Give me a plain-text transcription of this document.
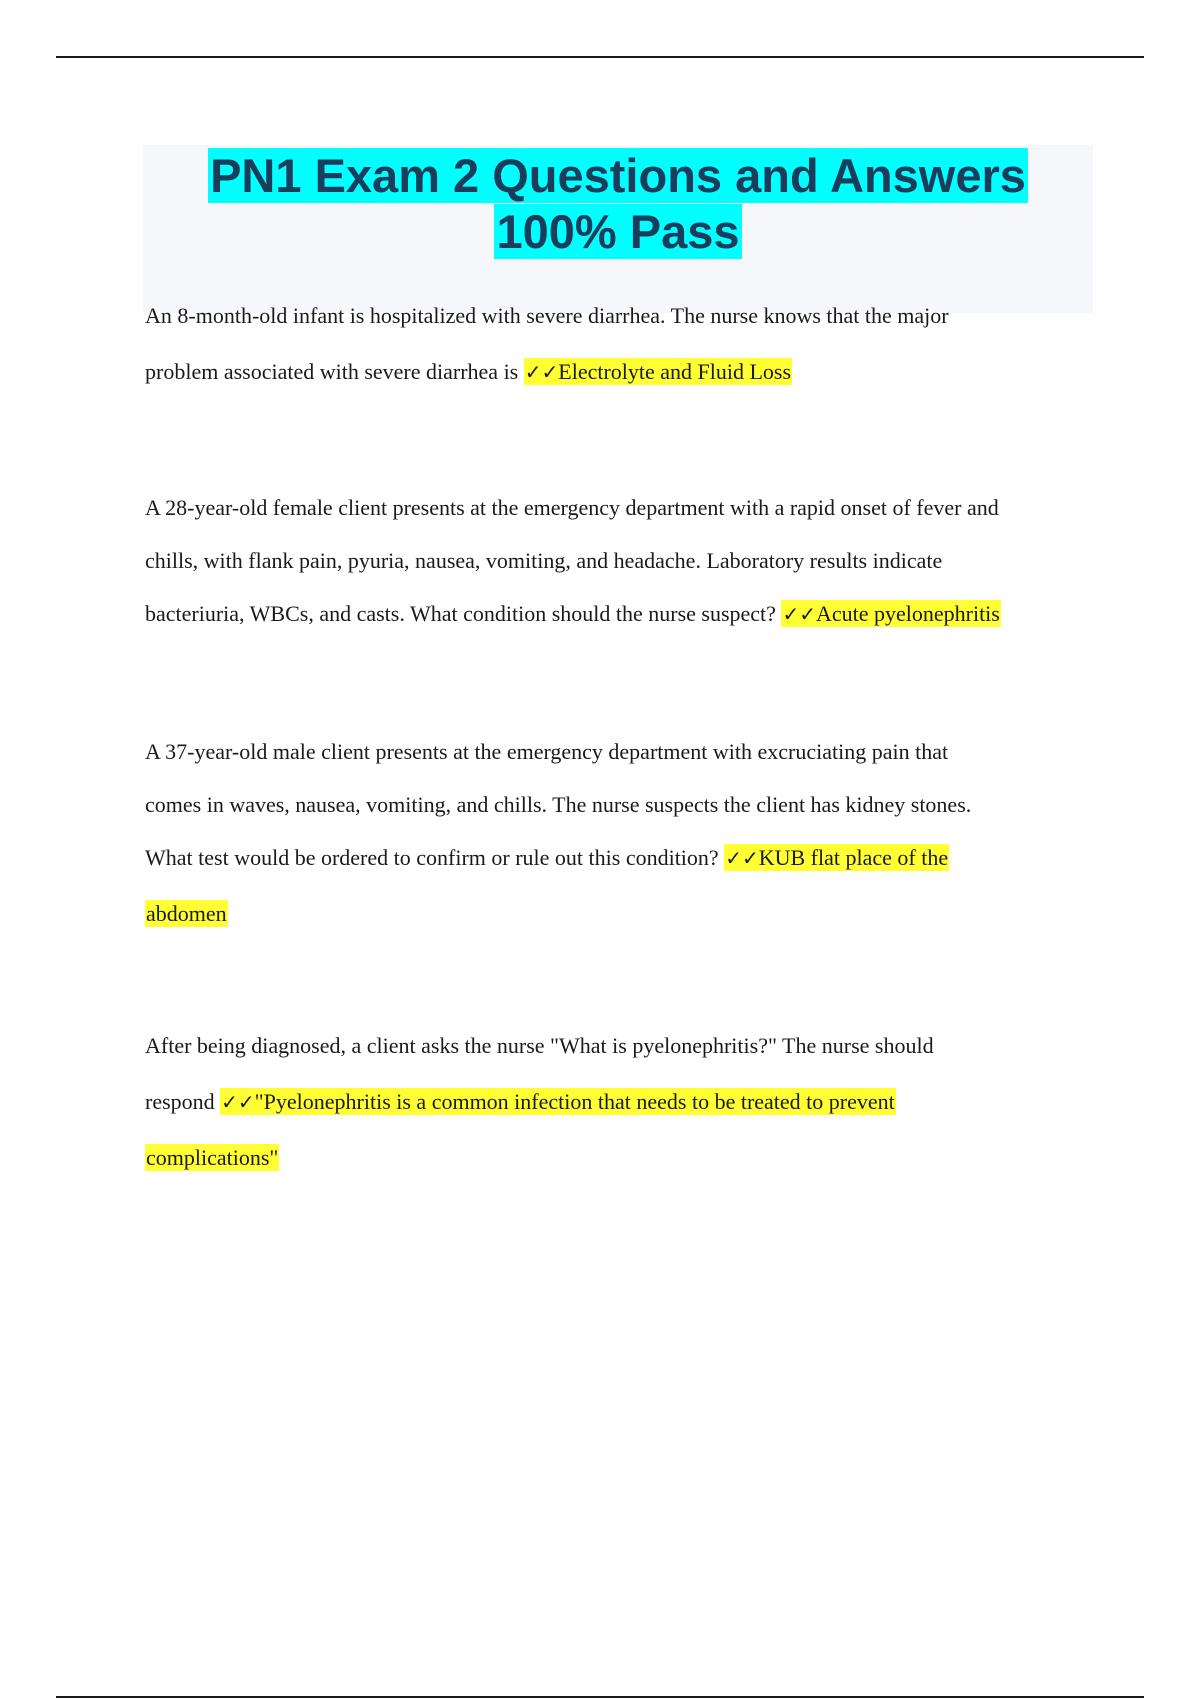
PN1 Exam 2 Questions and Answers
100% Pass
An 8-month-old infant is hospitalized with severe diarrhea. The nurse knows that the major
problem associated with severe diarrhea is ✓✓Electrolyte and Fluid Loss
A 28-year-old female client presents at the emergency department with a rapid onset of fever and
chills, with flank pain, pyuria, nausea, vomiting, and headache. Laboratory results indicate
bacteriuria, WBCs, and casts. What condition should the nurse suspect? ✓✓Acute pyelonephritis
A 37-year-old male client presents at the emergency department with excruciating pain that
comes in waves, nausea, vomiting, and chills. The nurse suspects the client has kidney stones.
What test would be ordered to confirm or rule out this condition? ✓✓KUB flat place of the
abdomen
After being diagnosed, a client asks the nurse "What is pyelonephritis?" The nurse should
respond ✓✓"Pyelonephritis is a common infection that needs to be treated to prevent
complications"
